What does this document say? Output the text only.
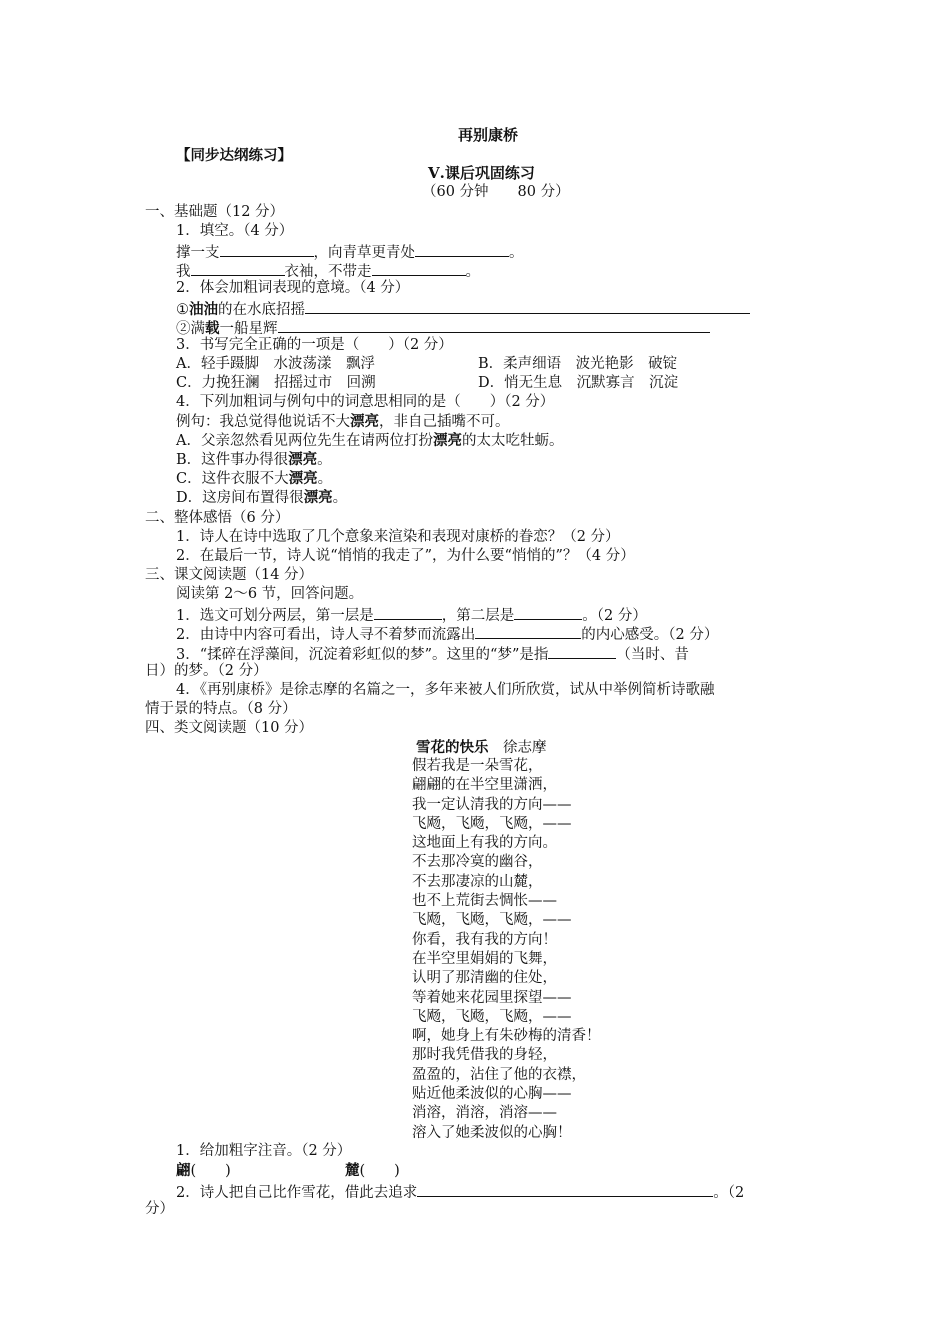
再别康桥
【同步达纲练习】
Ⅴ.课后巩固练习
（60 分钟　　80 分）
一、基础题（12 分）
1．填空。（4 分）
撑一支	，向青草更青处	。
我	衣袖，不带走	。
2．体会加粗词表现的意境。（4 分）
①油油的在水底招摇
②满载一船星辉
3．书写完全正确的一项是（　　）（2 分）
A．轻手蹑脚　水波荡漾　飘浮	B．柔声细语　波光艳影　破锭
C．力挽狂澜　招摇过市　回溯	D．悄无生息　沉默寡言　沉淀
4．下列加粗词与例句中的词意思相同的是（　　）（2 分）
例句：我总觉得他说话不大漂亮，非自己插嘴不可。
A．父亲忽然看见两位先生在请两位打扮漂亮的太太吃牡蛎。
B．这件事办得很漂亮。
C．这件衣服不大漂亮。
D．这房间布置得很漂亮。
二、整体感悟（6 分）
1．诗人在诗中选取了几个意象来渲染和表现对康桥的眷恋？（2 分）
2．在最后一节，诗人说“悄悄的我走了”，为什么要“悄悄的”？（4 分）
三、课文阅读题（14 分）
阅读第 2～6 节，回答问题。
1．选文可划分两层，第一层是	，第二层是	。（2 分）
2．由诗中内容可看出，诗人寻不着梦而流露出	的内心感受。（2 分）
3．“揉碎在浮藻间，沉淀着彩虹似的梦”。这里的“梦”是指	（当时、昔
日）的梦。（2 分）
4．《再别康桥》是徐志摩的名篇之一，多年来被人们所欣赏，试从中举例简析诗歌融
情于景的特点。（8 分）
四、类文阅读题（10 分）
雪花的快乐　 徐志摩
假若我是一朵雪花，
翩翩的在半空里潇洒，
我一定认清我的方向——
飞飏，飞飏，飞飏，——
这地面上有我的方向。
不去那冷寞的幽谷，
不去那凄凉的山麓，
也不上荒街去惆怅——
飞飏，飞飏，飞飏，——
你看，我有我的方向！
在半空里娟娟的飞舞，
认明了那清幽的住处，
等着她来花园里探望——
飞飏，飞飏，飞飏，——
啊，她身上有朱砂梅的清香！
那时我凭借我的身轻，
盈盈的，沾住了他的衣襟，
贴近他柔波似的心胸——
消溶，消溶，消溶——
溶入了她柔波似的心胸！
1．给加粗字注音。（2 分）
翩(　　)	麓(　　)
2．诗人把自己比作雪花，借此去追求	。（2
分）
